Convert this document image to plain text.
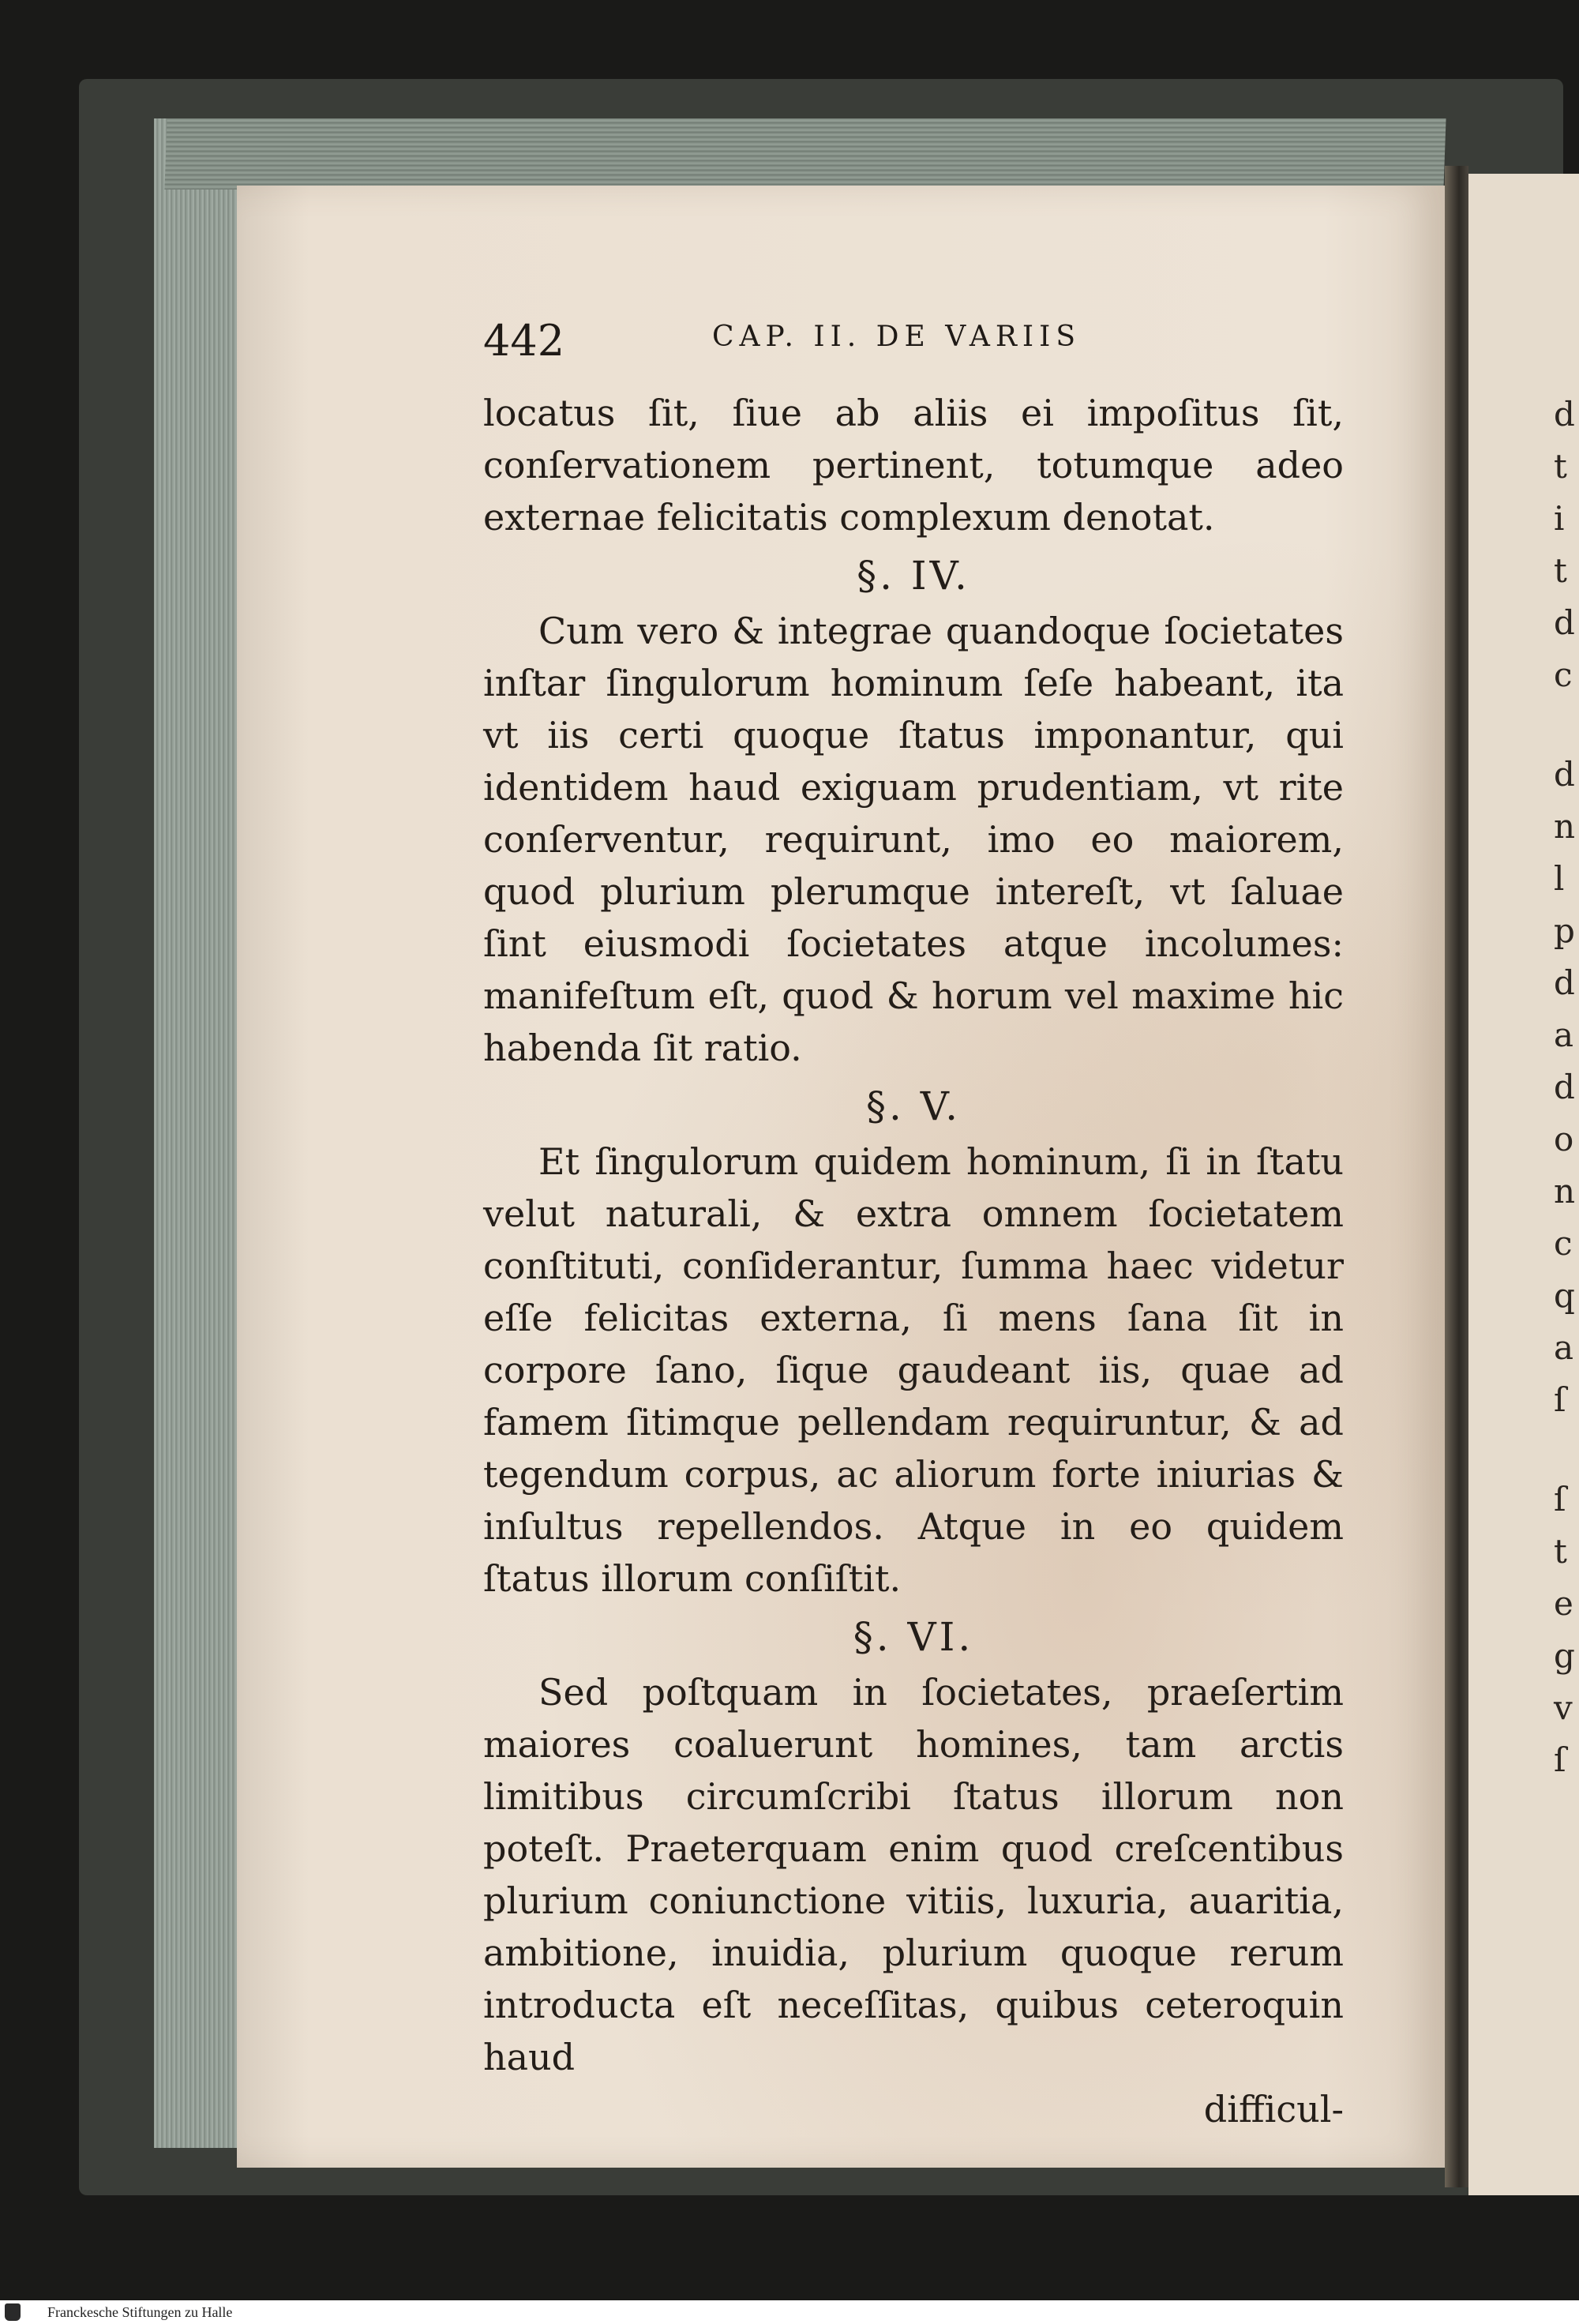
d
t
i
t
d
c
d
n
l
p
d
a
d
o
n
c
q
a
ſ
ſ
t
e
g
v
ſ
442	CAP. II. DE VARIIS

locatus ſit, ſiue ab aliis ei impoſitus ſit, conſervationem pertinent, totumque adeo externae felicitatis complexum denotat.

§. IV.

Cum vero & integrae quandoque ſocietates inſtar ſingulorum hominum ſeſe habeant, ita vt iis certi quoque ſtatus imponantur, qui identidem haud exiguam prudentiam, vt rite conſerventur, requirunt, imo eo maiorem, quod plurium plerumque intereſt, vt ſaluae ſint eiusmodi ſocietates atque incolumes: manifeſtum eſt, quod & horum vel maxime hic habenda ſit ratio.

§. V.

Et ſingulorum quidem hominum, ſi in ſtatu velut naturali, & extra omnem ſocietatem conſtituti, conſiderantur, ſumma haec videtur eſſe felicitas externa, ſi mens ſana ſit in corpore ſano, ſique gaudeant iis, quae ad famem ſitimque pellendam requiruntur, & ad tegendum corpus, ac aliorum forte iniurias & inſultus repellendos. Atque in eo quidem ſtatus illorum conſiſtit.

§. VI.

Sed poſtquam in ſocietates, praeſertim maiores coaluerunt homines, tam arctis limitibus circumſcribi ſtatus illorum non poteſt. Praeterquam enim quod creſcentibus plurium coniunctione vitiis, luxuria, auaritia, ambitione, inuidia, plurium quoque rerum introducta eſt neceſſitas, quibus ceteroquin haud

difficul-
Franckesche Stiftungen zu Halle
